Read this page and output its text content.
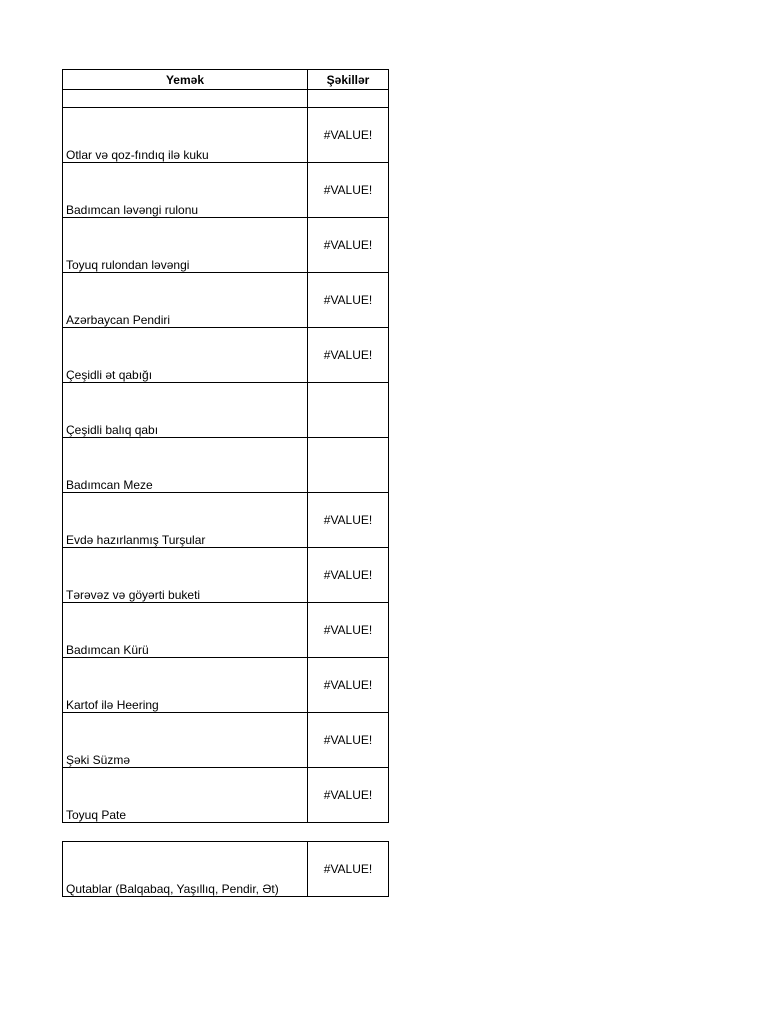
Yemək	Şəkillər

Otlar və qoz-fındıq ilə kuku	#VALUE!
Badımcan ləvəngi rulonu	#VALUE!
Toyuq rulondan ləvəngi	#VALUE!
Azərbaycan Pendiri	#VALUE!
Çeşidli ət qabığı	#VALUE!
Çeşidli balıq qabı	
Badımcan Meze	
Evdə hazırlanmış Turşular	#VALUE!
Tərəvəz və göyərti buketi	#VALUE!
Badımcan Kürü	#VALUE!
Kartof ilə Heering	#VALUE!
Şəki Süzmə	#VALUE!
Toyuq Pate	#VALUE!

Qutablar (Balqabaq, Yaşıllıq, Pendir, Ət)	#VALUE!
